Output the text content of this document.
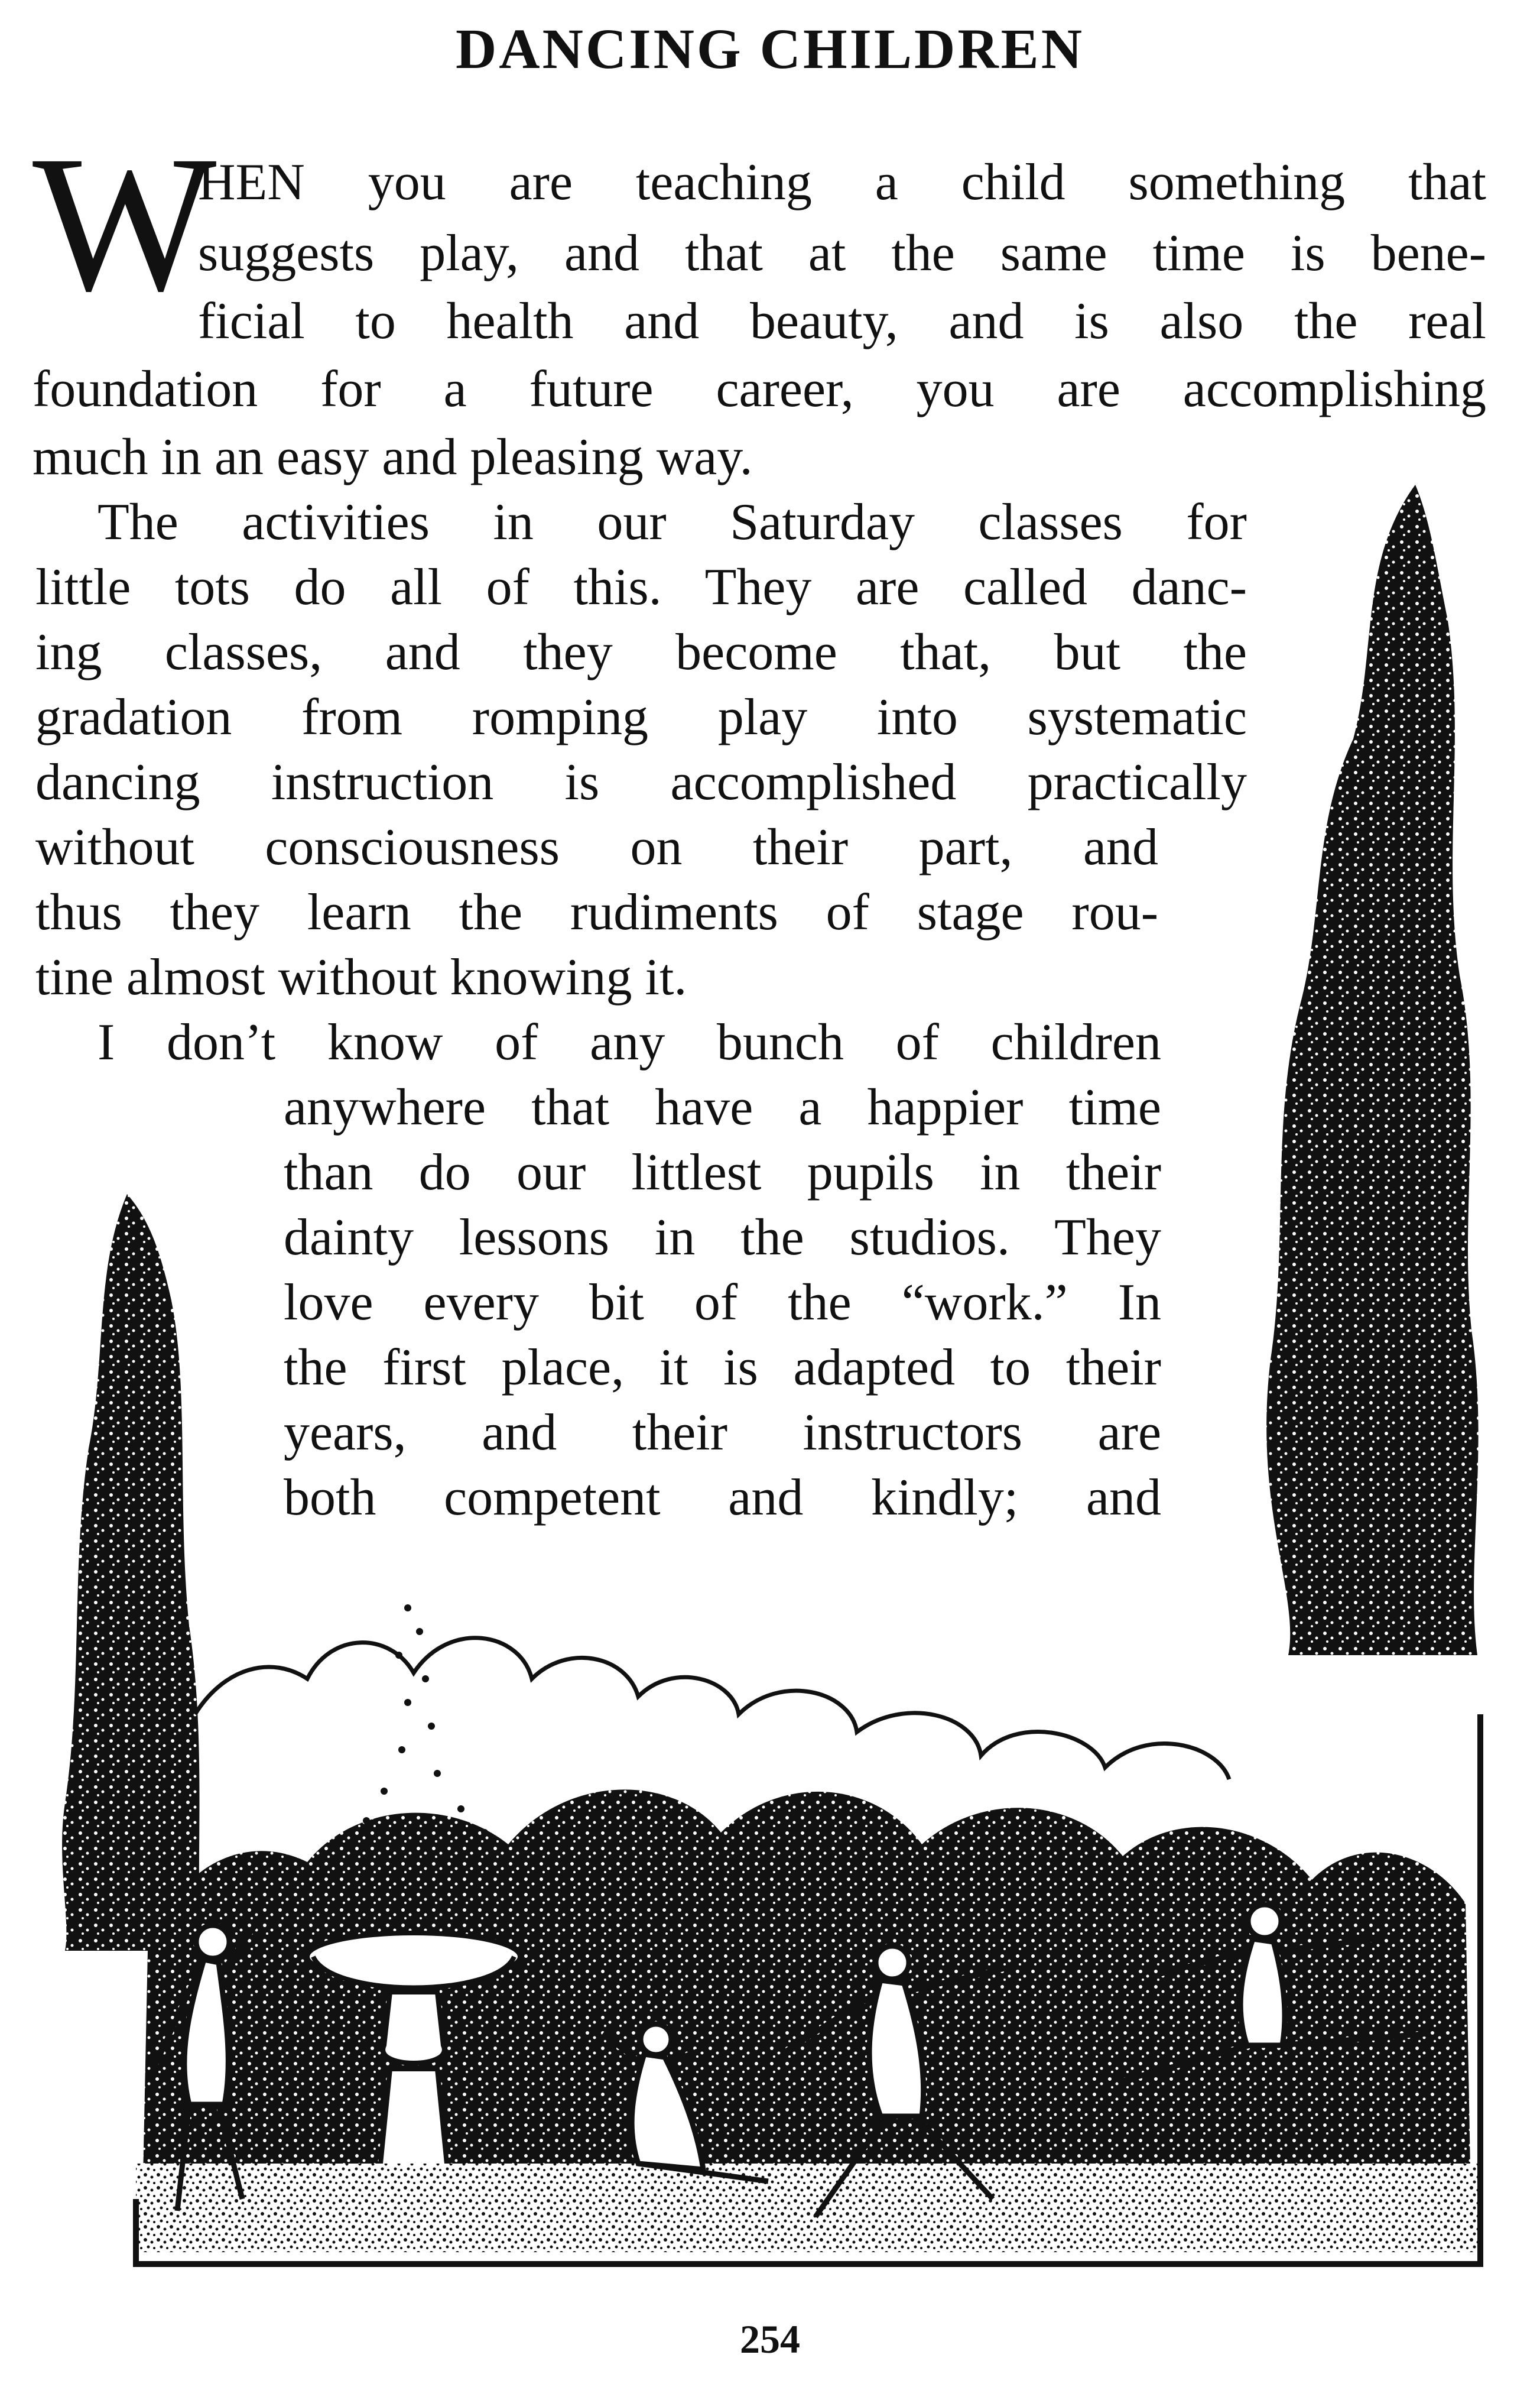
DANCING CHILDREN
W
HEN you are teaching a child something that
suggests play, and that at the same time is bene-
ficial to health and beauty, and is also the real
foundation for a future career, you are accomplishing
much in an easy and pleasing way.
The activities in our Saturday classes for
little tots do all of this. They are called danc-
ing classes, and they become that, but the
gradation from romping play into systematic
dancing instruction is accomplished practically
without consciousness on their part, and
thus they learn the rudiments of stage rou-
tine almost without knowing it.
I don’t know of any bunch of children
anywhere that have a happier time
than do our littlest pupils in their
dainty lessons in the studios. They
love every bit of the “work.” In
the first place, it is adapted to their
years, and their instructors are
both competent and kindly; and
254
